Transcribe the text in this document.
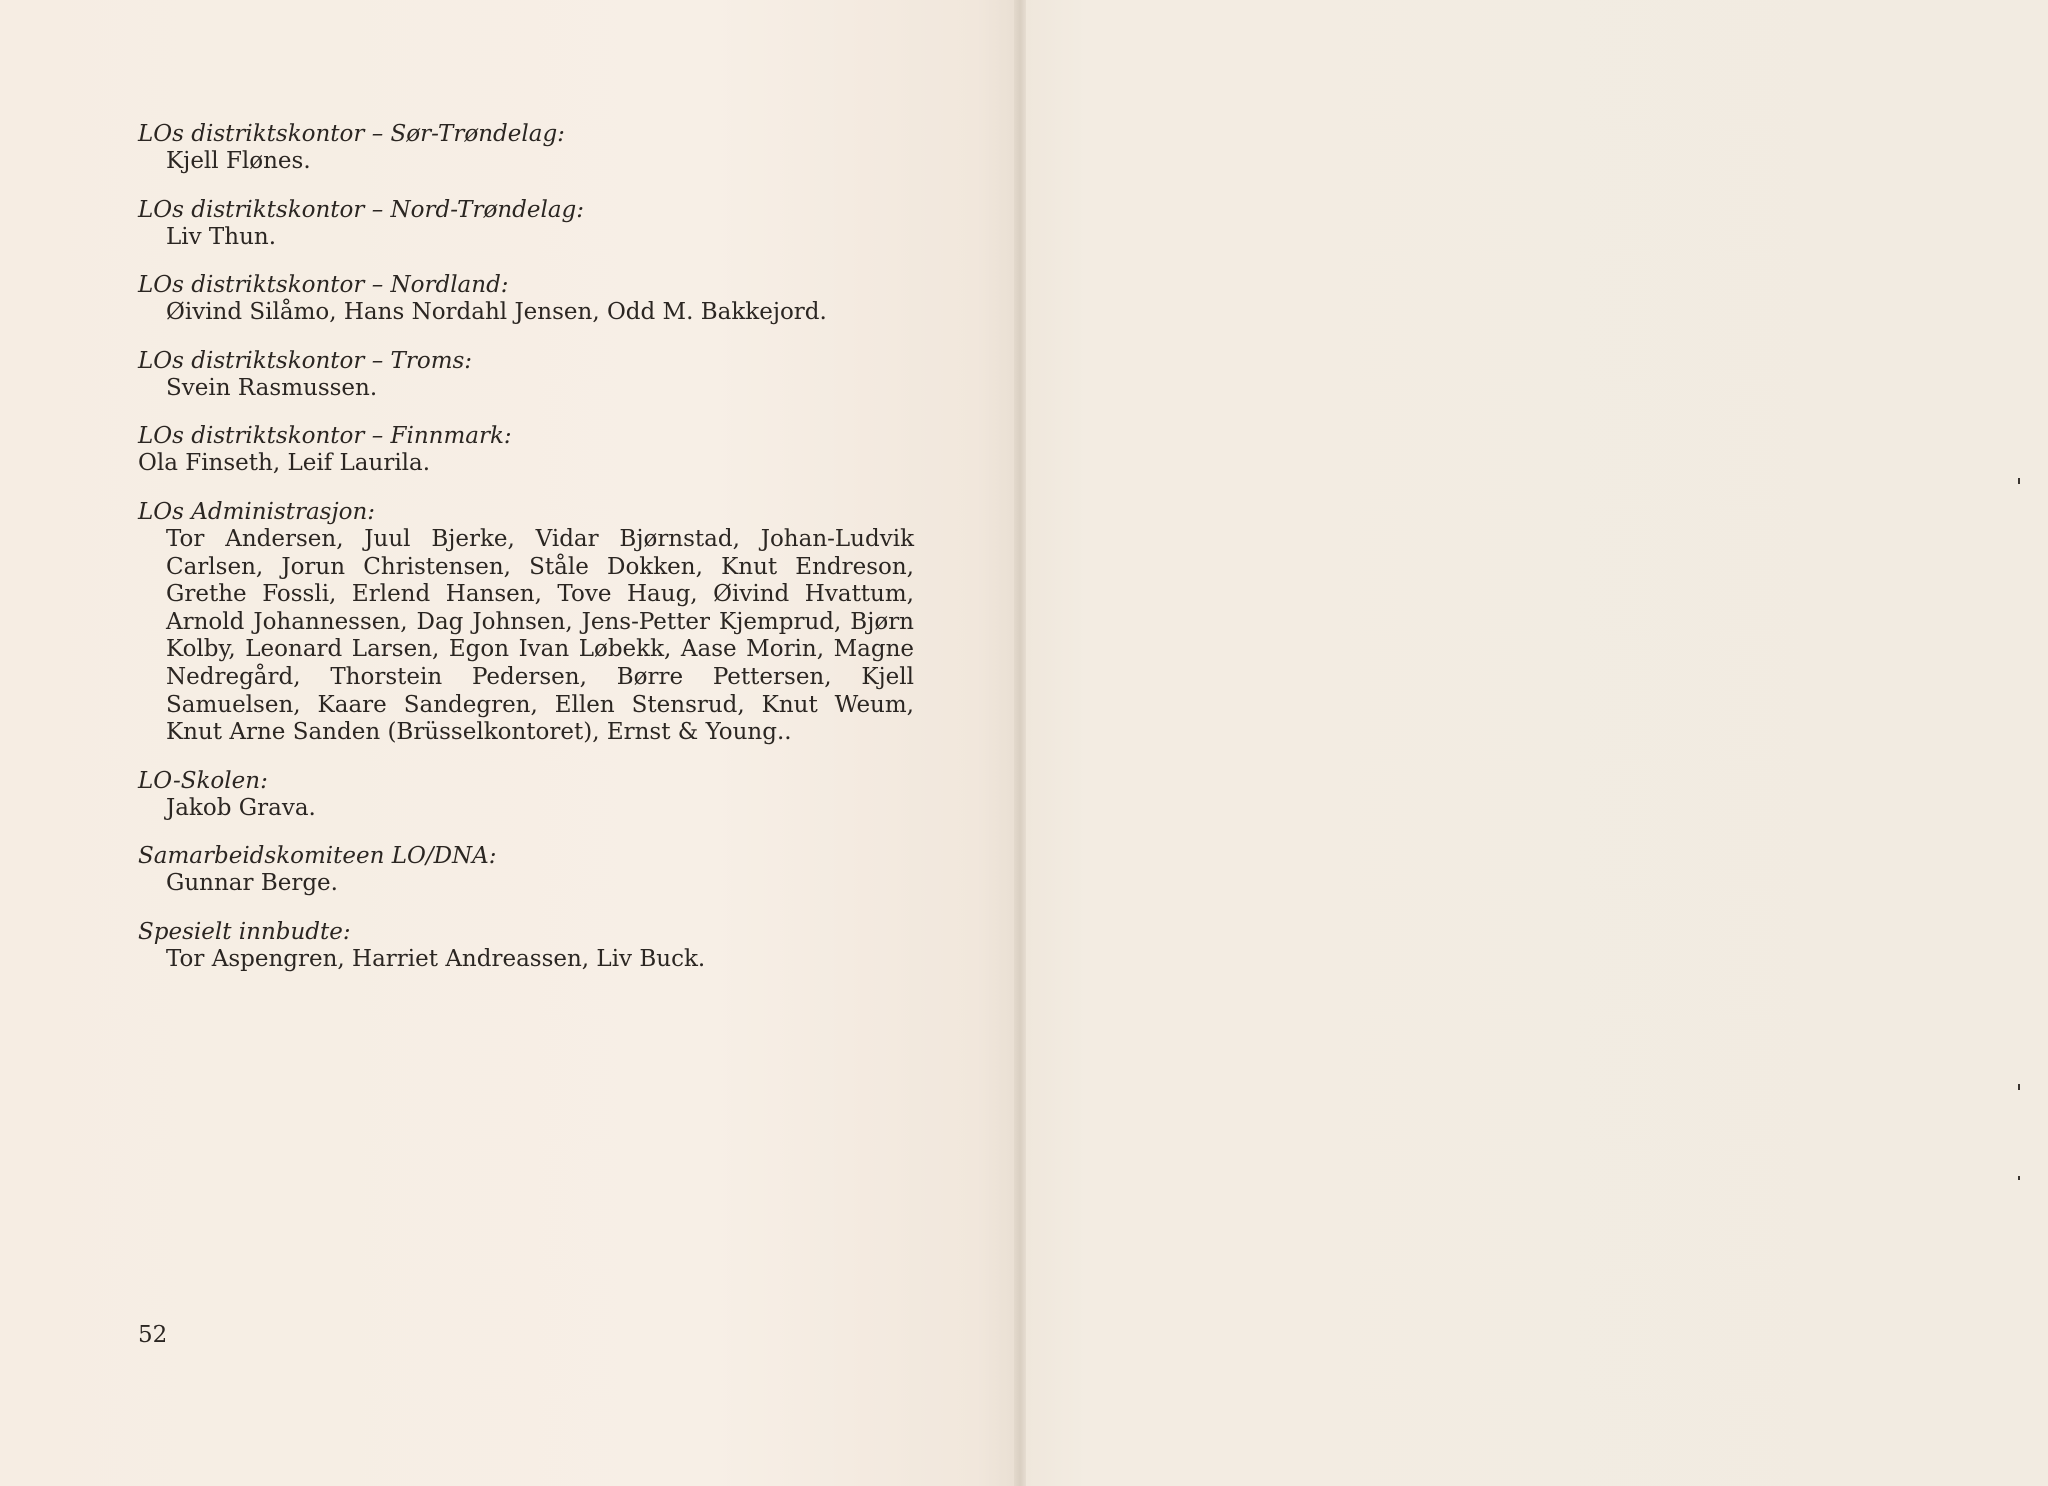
LOs distriktskontor – Sør-Trøndelag:

Kjell Flønes.

LOs distriktskontor – Nord-Trøndelag:

Liv Thun.

LOs distriktskontor – Nordland:

Øivind Silåmo, Hans Nordahl Jensen, Odd M. Bakkejord.

LOs distriktskontor – Troms:

Svein Rasmussen.

LOs distriktskontor – Finnmark:

Ola Finseth, Leif Laurila.

LOs Administrasjon:

Tor Andersen, Juul Bjerke, Vidar Bjørnstad, Johan-Ludvik Carlsen, Jorun Christensen, Ståle Dokken, Knut Endreson, Grethe Fossli, Erlend Hansen, Tove Haug, Øivind Hvattum, Arnold Johannessen, Dag Johnsen, Jens-Petter Kjemprud, Bjørn Kolby, Leonard Larsen, Egon Ivan Løbekk, Aase Morin, Magne Nedregård, Thorstein Pedersen, Børre Pettersen, Kjell Samuelsen, Kaare Sandegren, Ellen Stensrud, Knut Weum, Knut Arne Sanden (Brüsselkontoret), Ernst & Young..

LO-Skolen:

Jakob Grava.

Samarbeidskomiteen LO/DNA:

Gunnar Berge.

Spesielt innbudte:

Tor Aspengren, Harriet Andreassen, Liv Buck.

52
